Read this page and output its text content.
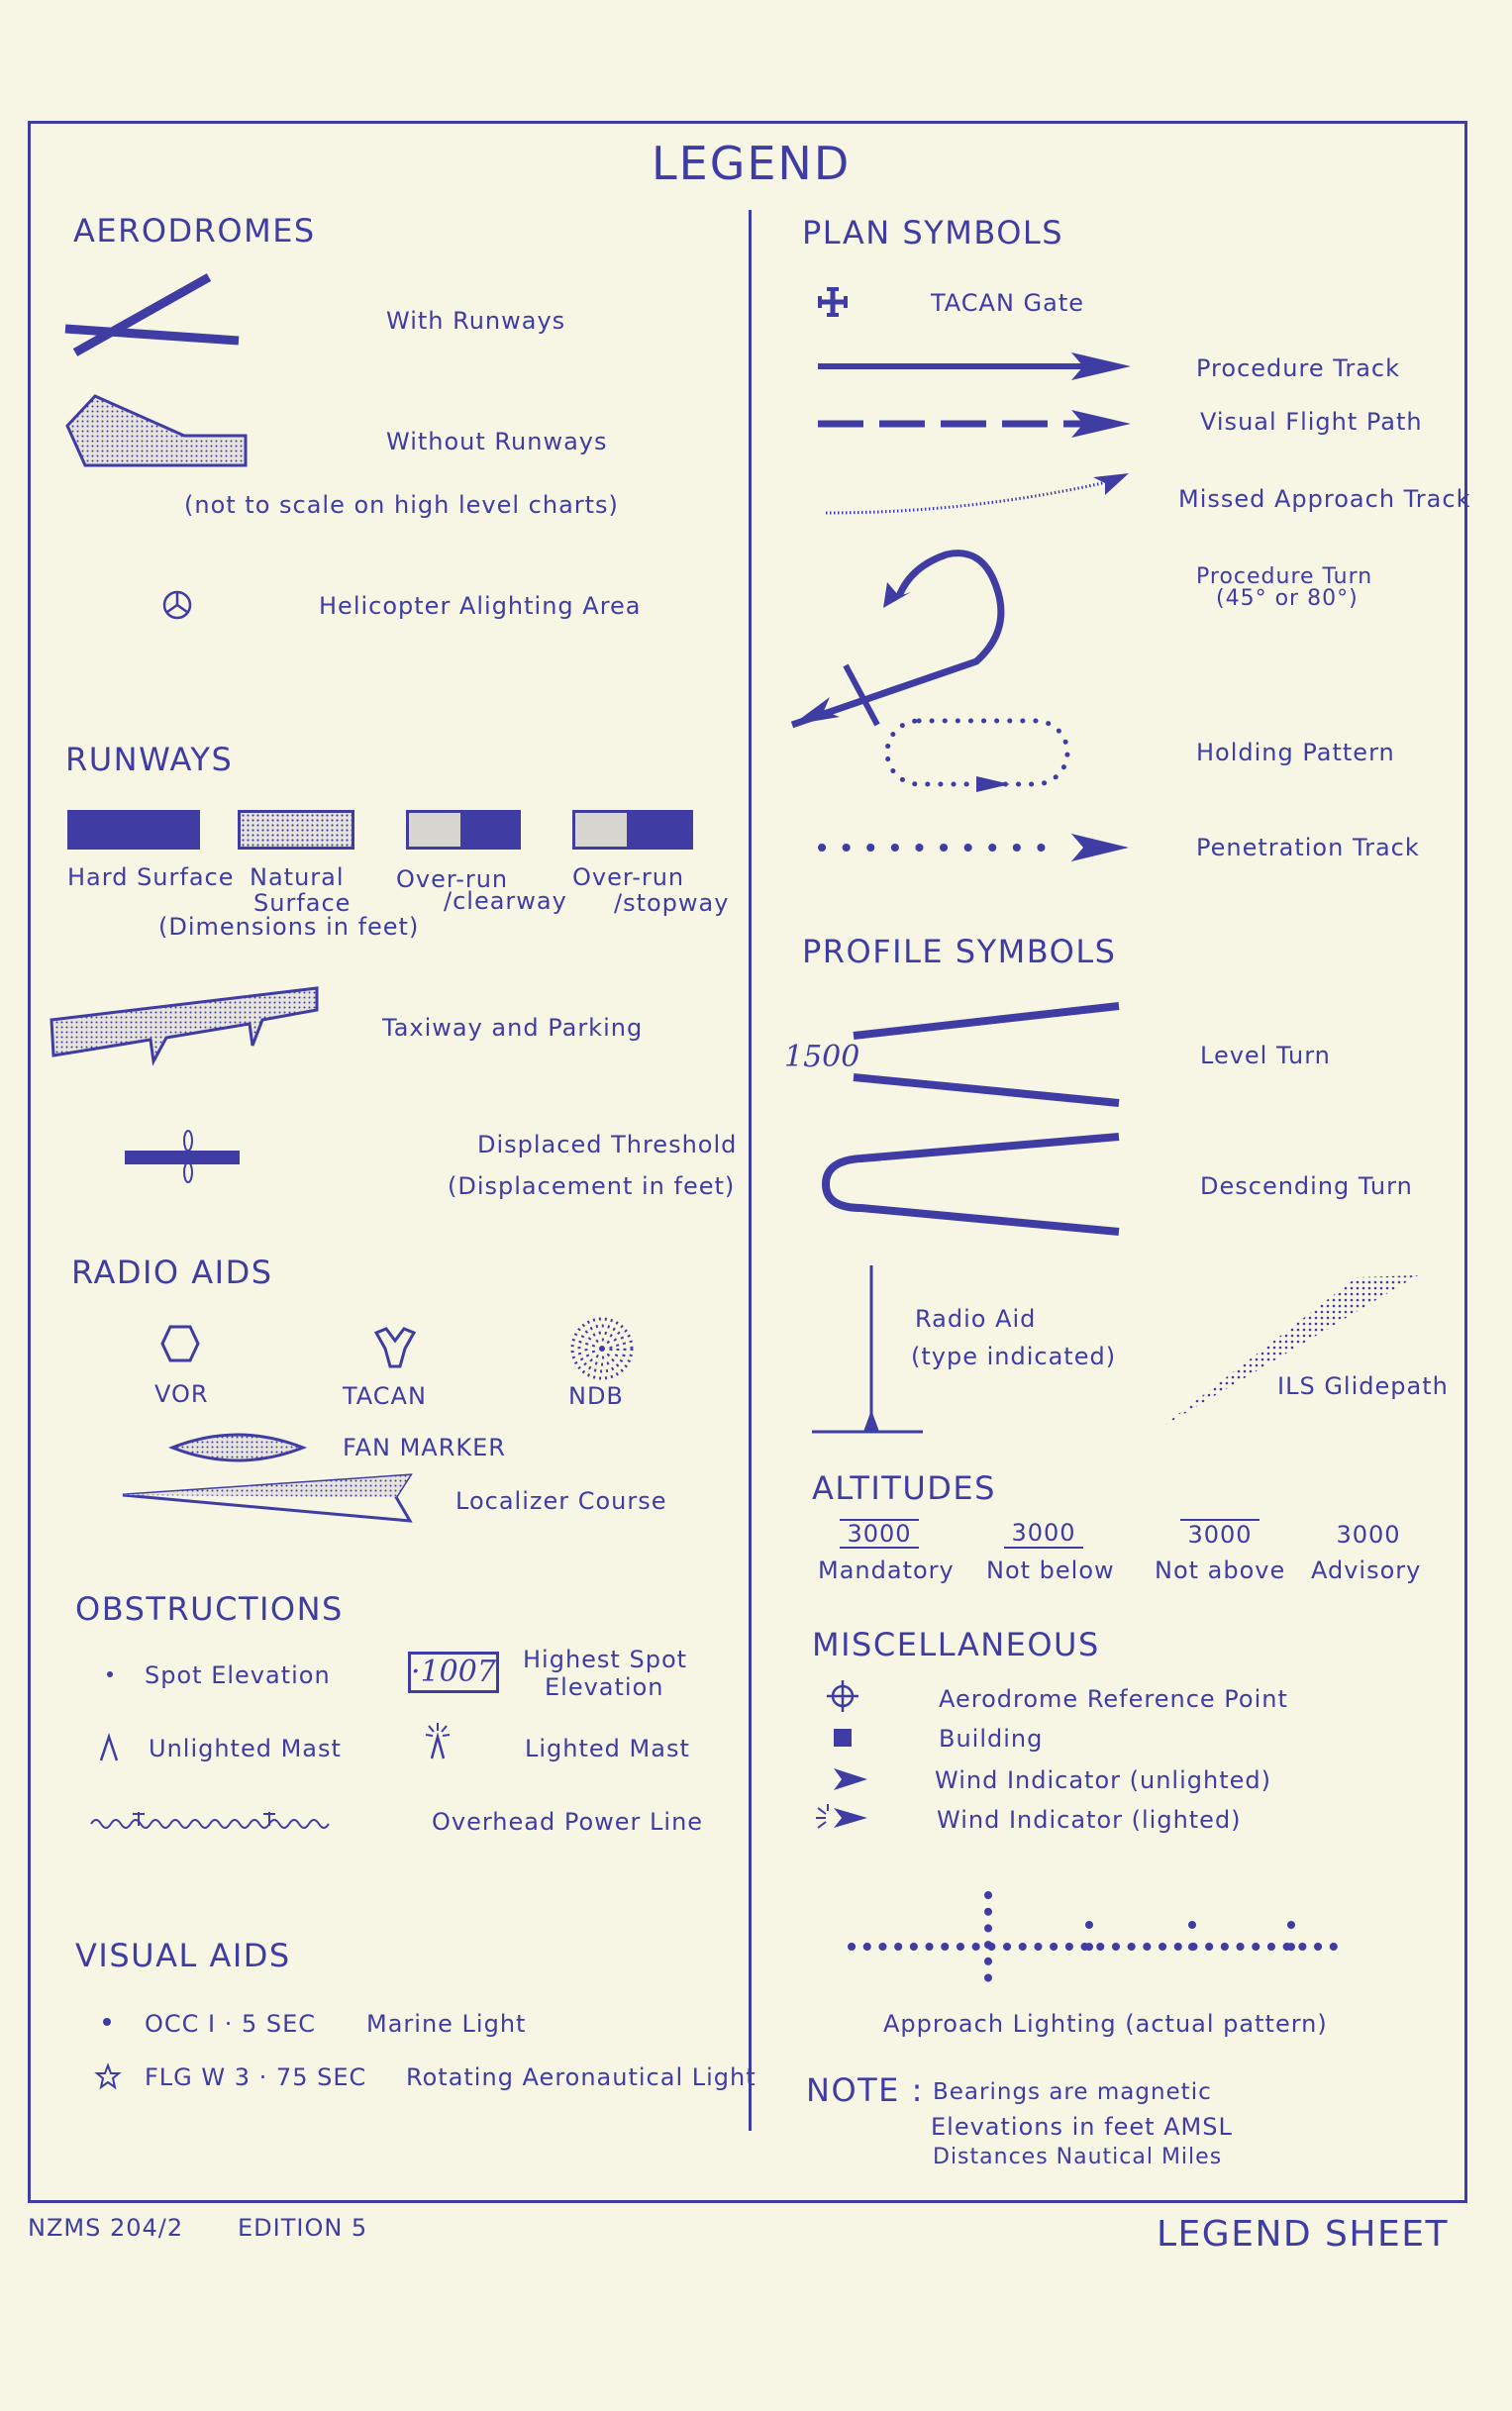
LEGEND
AERODROMES
With Runways
Without Runways
(not to scale on high level charts)
Helicopter Alighting Area
RUNWAYS
Hard Surface Natural
Surface
Over-run
/clearway
Over-run
/stopway
(Dimensions in feet)
Taxiway and Parking
Displaced Threshold
(Displacement in feet)
RADIO AIDS
VOR	TACAN	NDB
FAN MARKER
Localizer Course
OBSTRUCTIONS
Spot Elevation	·1007 Highest Spot
Elevation
Unlighted Mast	Lighted Mast
Overhead Power Line
VISUAL AIDS
OCC I · 5 SEC Marine Light
FLG W 3 · 75 SEC Rotating Aeronautical Light
PLAN SYMBOLS
TACAN Gate
Procedure Track
Visual Flight Path
Missed Approach Track
Procedure Turn
(45° or 80°)
Holding Pattern
Penetration Track
PROFILE SYMBOLS
1500	Level Turn
Descending Turn
Radio Aid
(type indicated)
ILS Glidepath
ALTITUDES
3000	3000	3000	3000
Mandatory Not below Not above Advisory
MISCELLANEOUS
Aerodrome Reference Point
Building
Wind Indicator (unlighted)
Wind Indicator (lighted)
Approach Lighting (actual pattern)
NOTE : Bearings are magnetic
Elevations in feet AMSL
Distances Nautical Miles
NZMS 204/2 EDITION 5	LEGEND SHEET
